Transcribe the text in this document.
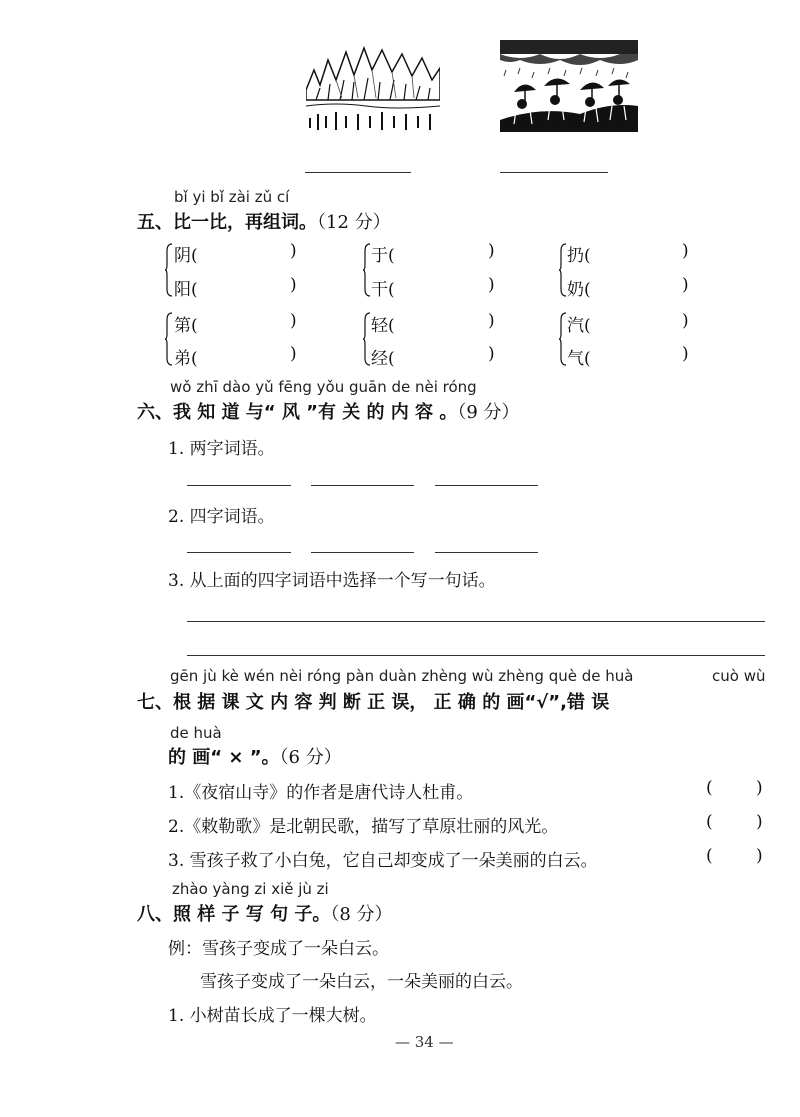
bǐ yi bǐ zài zǔ cí
五、比一比，再组词。（12 分）
阴(	)
阳(	)
于(	)
干(	)
扔(	)
奶(	)
第(	)
弟(	)
轻(	)
经(	)
汽(	)
气(	)
wǒ zhī dào yǔ fēng yǒu guān de nèi róng
六、我 知 道 与“ 风 ”有 关 的 内 容 。（9 分）
1. 两字词语。
2. 四字词语。
3. 从上面的四字词语中选择一个写一句话。
gēn jù kè wén nèi róng pàn duàn zhèng wù zhèng què de huà	cuò wù
七、根 据 课 文 内 容 判 断 正 误， 正 确 的 画“√”,错 误
de huà
的 画“ × ”。（6 分）
1.《夜宿山寺》的作者是唐代诗人杜甫。	(	)
2.《敕勒歌》是北朝民歌，描写了草原壮丽的风光。	(	)
3. 雪孩子救了小白兔，它自己却变成了一朵美丽的白云。	(	)
zhào yàng zi xiě jù zi
八、照 样 子 写 句 子。（8 分）
例：雪孩子变成了一朵白云。
雪孩子变成了一朵白云，一朵美丽的白云。
1. 小树苗长成了一棵大树。
— 34 —
